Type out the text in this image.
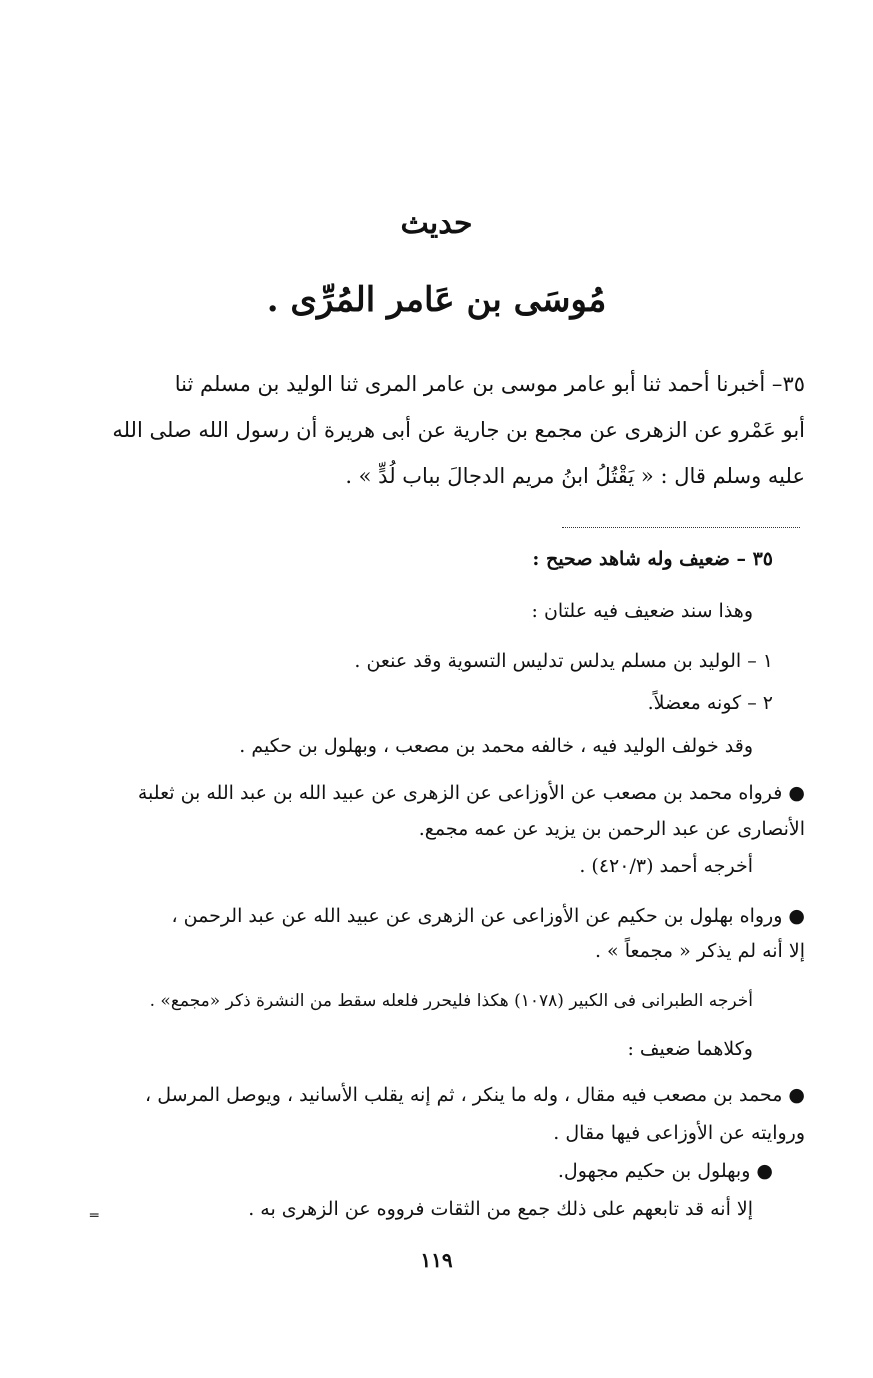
حديث
مُوسَى بن عَامر المُرِّى .
٣٥– أخبرنا أحمد ثنا أبو عامر موسى بن عامر المرى ثنا الوليد بن مسلم ثنا
أبو عَمْرو عن الزهرى عن مجمع بن جارية عن أبى هريرة أن رسول الله صلى الله
عليه وسلم قال : « يَقْتُلُ ابنُ مريم الدجالَ بباب لُدٍّ » .
٣٥ – ضعيف وله شاهد صحيح :
وهذا سند ضعيف فيه علتان :
١ – الوليد بن مسلم يدلس تدليس التسوية وقد عنعن .
٢ – كونه معضلاً.
وقد خولف الوليد فيه ، خالفه محمد بن مصعب ، وبهلول بن حكيم .
● فرواه محمد بن مصعب عن الأوزاعى عن الزهرى عن عبيد الله بن عبد الله بن ثعلبة
الأنصارى عن عبد الرحمن بن يزيد عن عمه مجمع.
أخرجه أحمد (٤٢٠/٣) .
● ورواه بهلول بن حكيم عن الأوزاعى عن الزهرى عن عبيد الله عن عبد الرحمن ،
إلا أنه لم يذكر « مجمعاً » .
أخرجه الطبرانى فى الكبير (١٠٧٨) هكذا فليحرر فلعله سقط من النشرة ذكر «مجمع» .
وكلاهما ضعيف :
● محمد بن مصعب فيه مقال ، وله ما ينكر ، ثم إنه يقلب الأسانيد ، ويوصل المرسل ،
وروايته عن الأوزاعى فيها مقال .
● وبهلول بن حكيم مجهول.
إلا أنه قد تابعهم على ذلك جمع من الثقات فرووه عن الزهرى به .
١١٩
═
